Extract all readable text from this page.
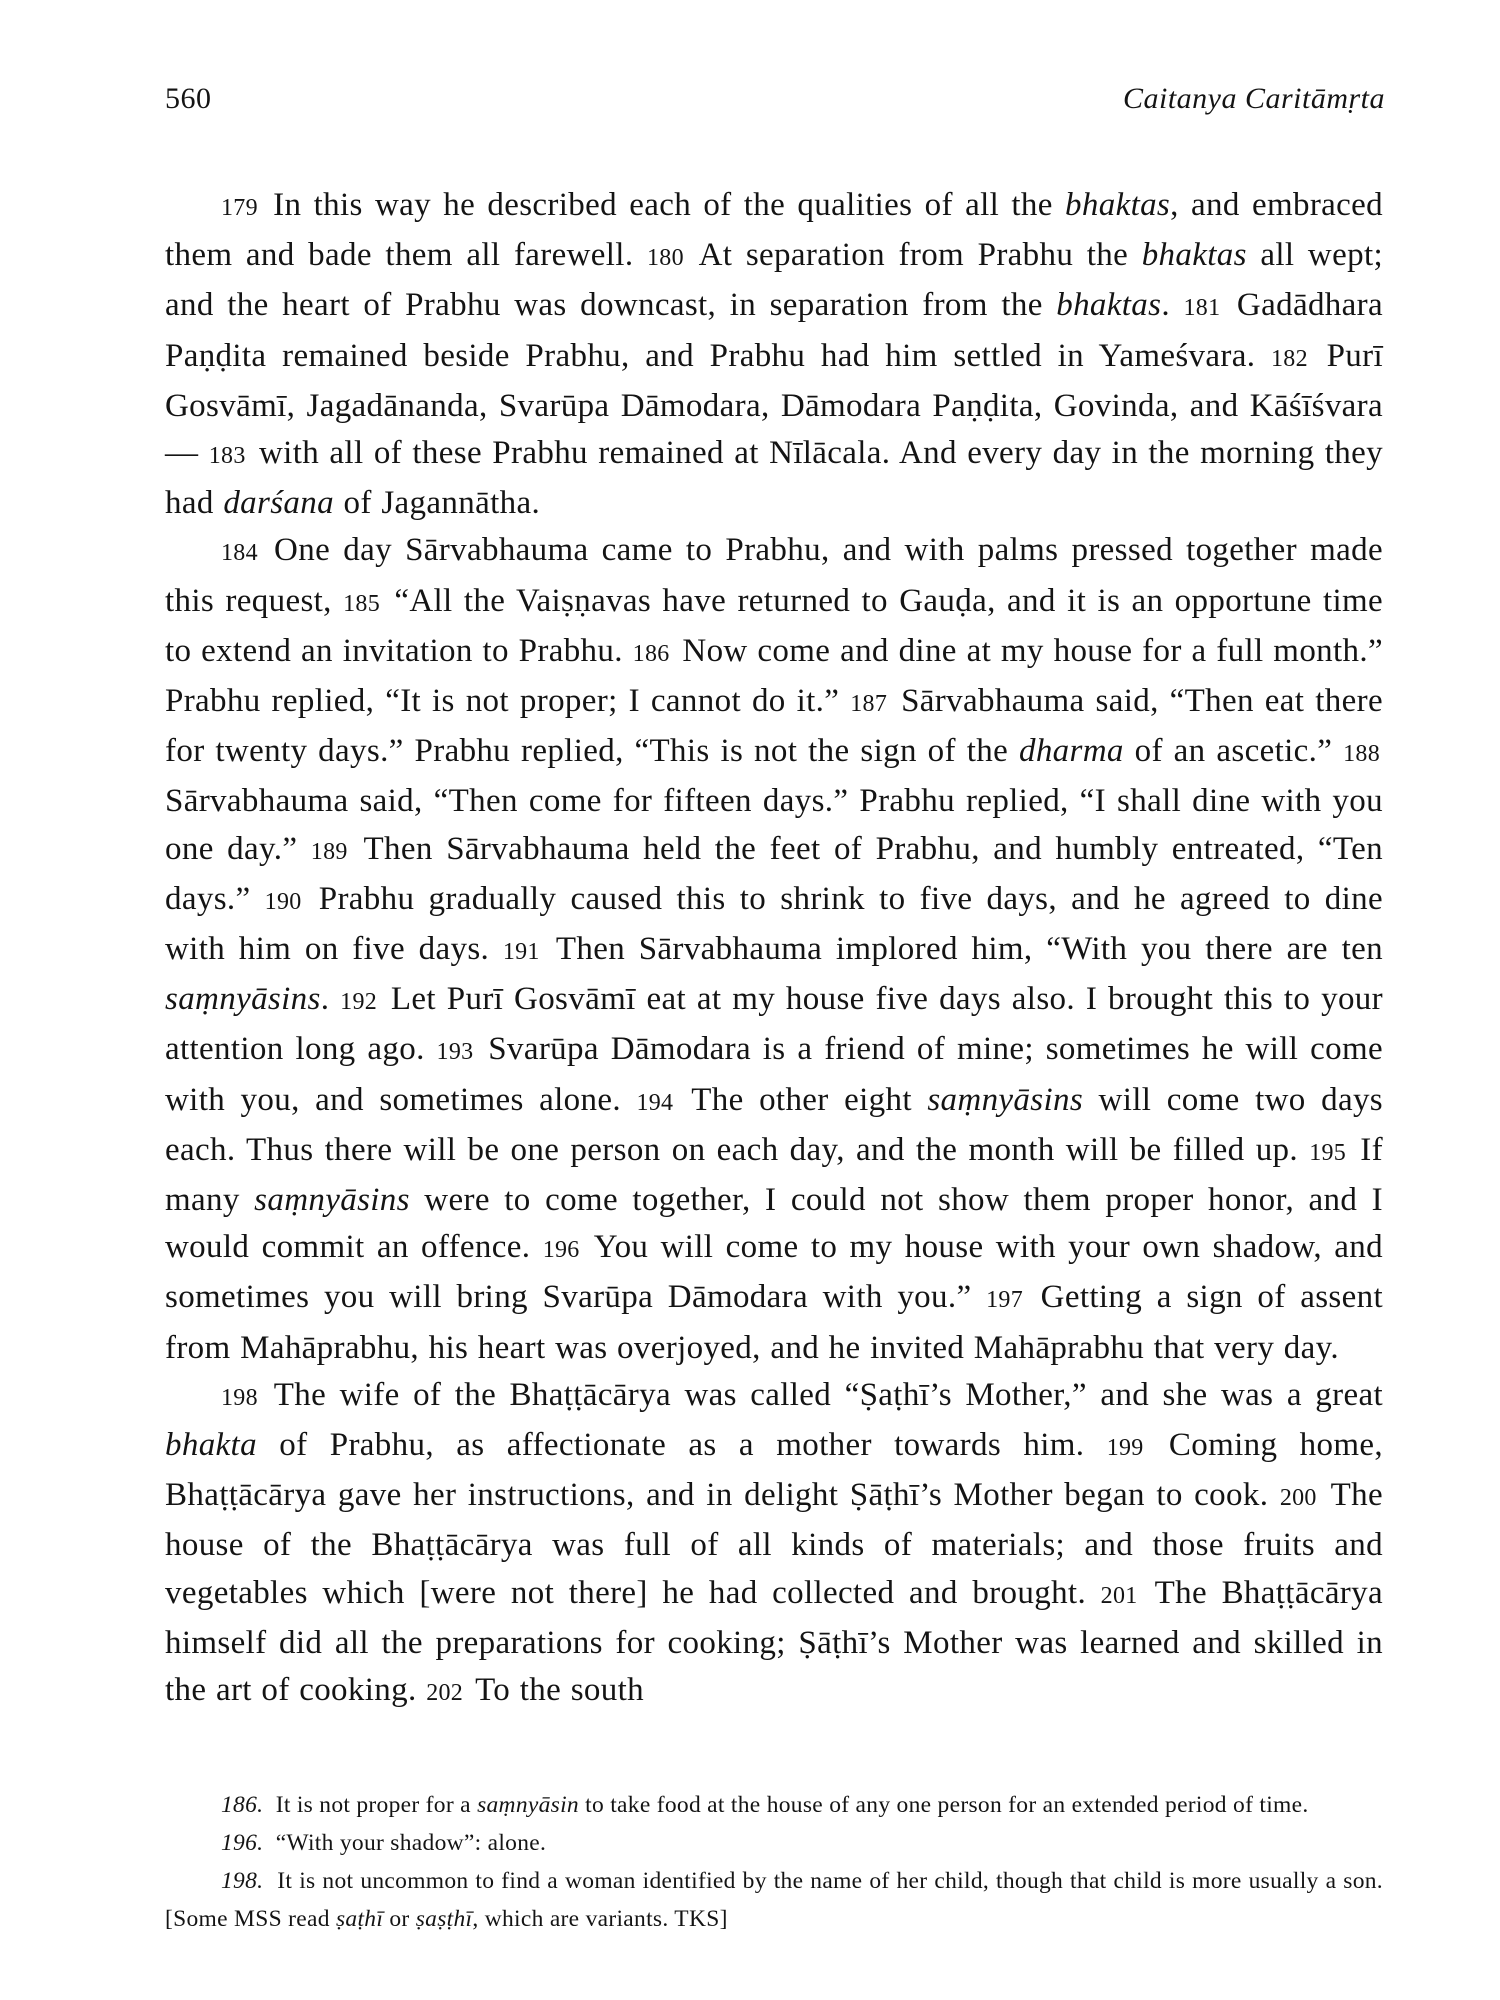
560	Caitanya Caritāmṛta

179 In this way he described each of the qualities of all the bhaktas, and embraced them and bade them all farewell. 180 At separation from Prabhu the bhaktas all wept; and the heart of Prabhu was downcast, in separation from the bhaktas. 181 Gadādhara Paṇḍita remained beside Prabhu, and Prabhu had him settled in Yameśvara. 182 Purī Gosvāmī, Jagadānanda, Svarūpa Dāmodara, Dāmodara Paṇḍita, Govinda, and Kāśīśvara— 183 with all of these Prabhu remained at Nīlācala. And every day in the morning they had darśana of Jagannātha.

184 One day Sārvabhauma came to Prabhu, and with palms pressed together made this request, 185 “All the Vaiṣṇavas have returned to Gauḍa, and it is an opportune time to extend an invitation to Prabhu. 186 Now come and dine at my house for a full month.” Prabhu replied, “It is not proper; I cannot do it.” 187 Sārvabhauma said, “Then eat there for twenty days.” Prabhu replied, “This is not the sign of the dharma of an ascetic.” 188 Sārvabhauma said, “Then come for fifteen days.” Prabhu replied, “I shall dine with you one day.” 189 Then Sārvabhauma held the feet of Prabhu, and humbly entreated, “Ten days.” 190 Prabhu gradually caused this to shrink to five days, and he agreed to dine with him on five days. 191 Then Sārvabhauma implored him, “With you there are ten saṃnyāsins. 192 Let Purī Gosvāmī eat at my house five days also. I brought this to your attention long ago. 193 Svarūpa Dāmodara is a friend of mine; sometimes he will come with you, and sometimes alone. 194 The other eight saṃnyāsins will come two days each. Thus there will be one person on each day, and the month will be filled up. 195 If many saṃnyāsins were to come together, I could not show them proper honor, and I would commit an offence. 196 You will come to my house with your own shadow, and sometimes you will bring Svarūpa Dāmodara with you.” 197 Getting a sign of assent from Mahāprabhu, his heart was overjoyed, and he invited Mahāprabhu that very day.

198 The wife of the Bhaṭṭācārya was called “Ṣaṭhī’s Mother,” and she was a great bhakta of Prabhu, as affectionate as a mother towards him. 199 Coming home, Bhaṭṭācārya gave her instructions, and in delight Ṣāṭhī’s Mother began to cook. 200 The house of the Bhaṭṭācārya was full of all kinds of materials; and those fruits and vegetables which [were not there] he had collected and brought. 201 The Bhaṭṭācārya himself did all the preparations for cooking; Ṣāṭhī’s Mother was learned and skilled in the art of cooking. 202 To the south

186. It is not proper for a saṃnyāsin to take food at the house of any one person for an extended period of time.

196. “With your shadow”: alone.

198. It is not uncommon to find a woman identified by the name of her child, though that child is more usually a son. [Some MSS read ṣaṭhī or ṣaṣṭhī, which are variants. TKS]
